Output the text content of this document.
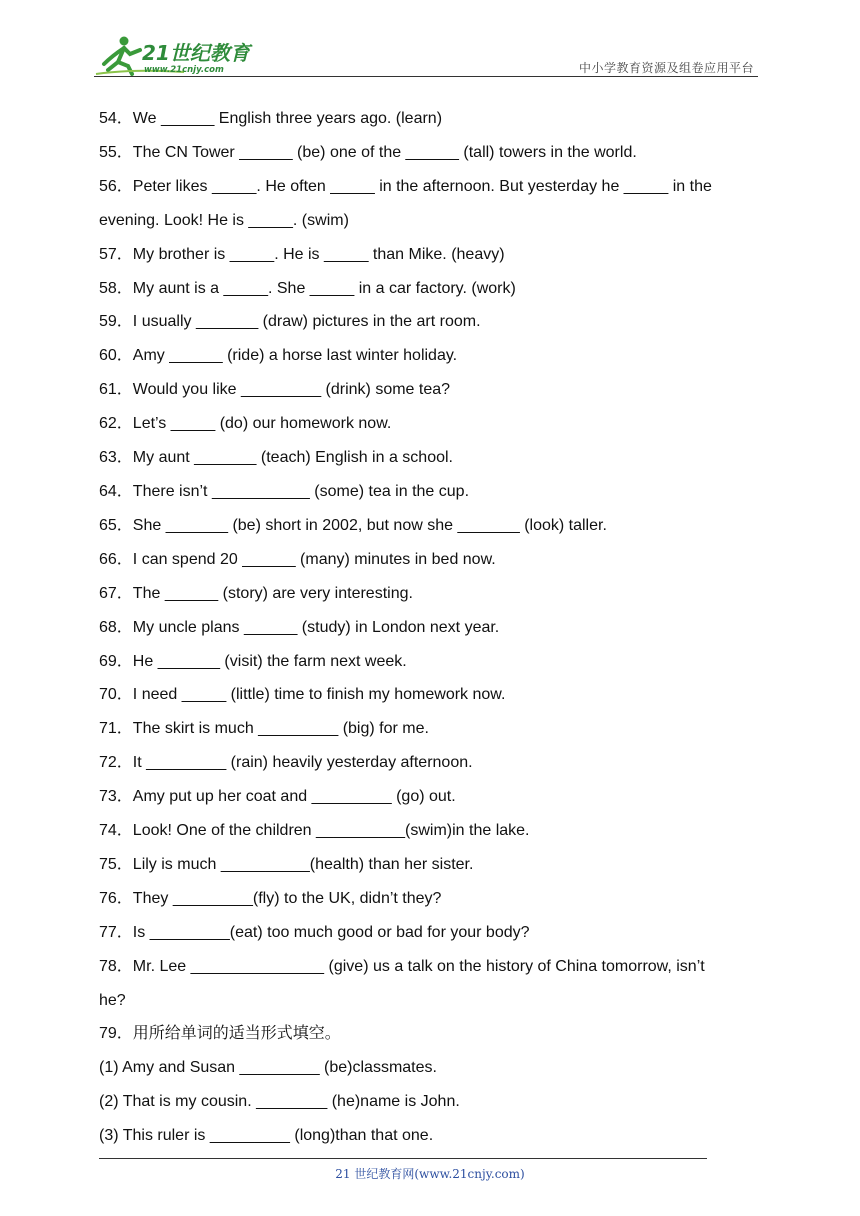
21世纪教育
www.21cnjy.com	中小学教育资源及组卷应用平台
54．We ______ English three years ago. (learn)
55．The CN Tower ______ (be) one of the ______ (tall) towers in the world.
56．Peter likes _____. He often _____ in the afternoon. But yesterday he _____ in the
evening. Look! He is _____. (swim)
57．My brother is _____. He is _____ than Mike. (heavy)
58．My aunt is a _____. She _____ in a car factory. (work)
59．I usually _______ (draw) pictures in the art room.
60．Amy ______ (ride) a horse last winter holiday.
61．Would you like _________ (drink) some tea?
62．Let’s _____ (do) our homework now.
63．My aunt _______ (teach) English in a school.
64．There isn’t ___________ (some) tea in the cup.
65．She _______ (be) short in 2002, but now she _______ (look) taller.
66．I can spend 20 ______ (many) minutes in bed now.
67．The ______ (story) are very interesting.
68．My uncle plans ______ (study) in London next year.
69．He _______ (visit) the farm next week.
70．I need _____ (little) time to finish my homework now.
71．The skirt is much _________ (big) for me.
72．It _________ (rain) heavily yesterday afternoon.
73．Amy put up her coat and _________ (go) out.
74．Look! One of the children __________(swim)in the lake.
75．Lily is much __________(health) than her sister.
76．They _________(fly) to the UK, didn’t they?
77．Is _________(eat) too much good or bad for your body?
78．Mr. Lee _______________ (give) us a talk on the history of China tomorrow, isn’t
he?
79．用所给单词的适当形式填空。
(1) Amy and Susan _________ (be)classmates.
(2) That is my cousin. ________ (he)name is John.
(3) This ruler is _________ (long)than that one.
21 世纪教育网(www.21cnjy.com)
